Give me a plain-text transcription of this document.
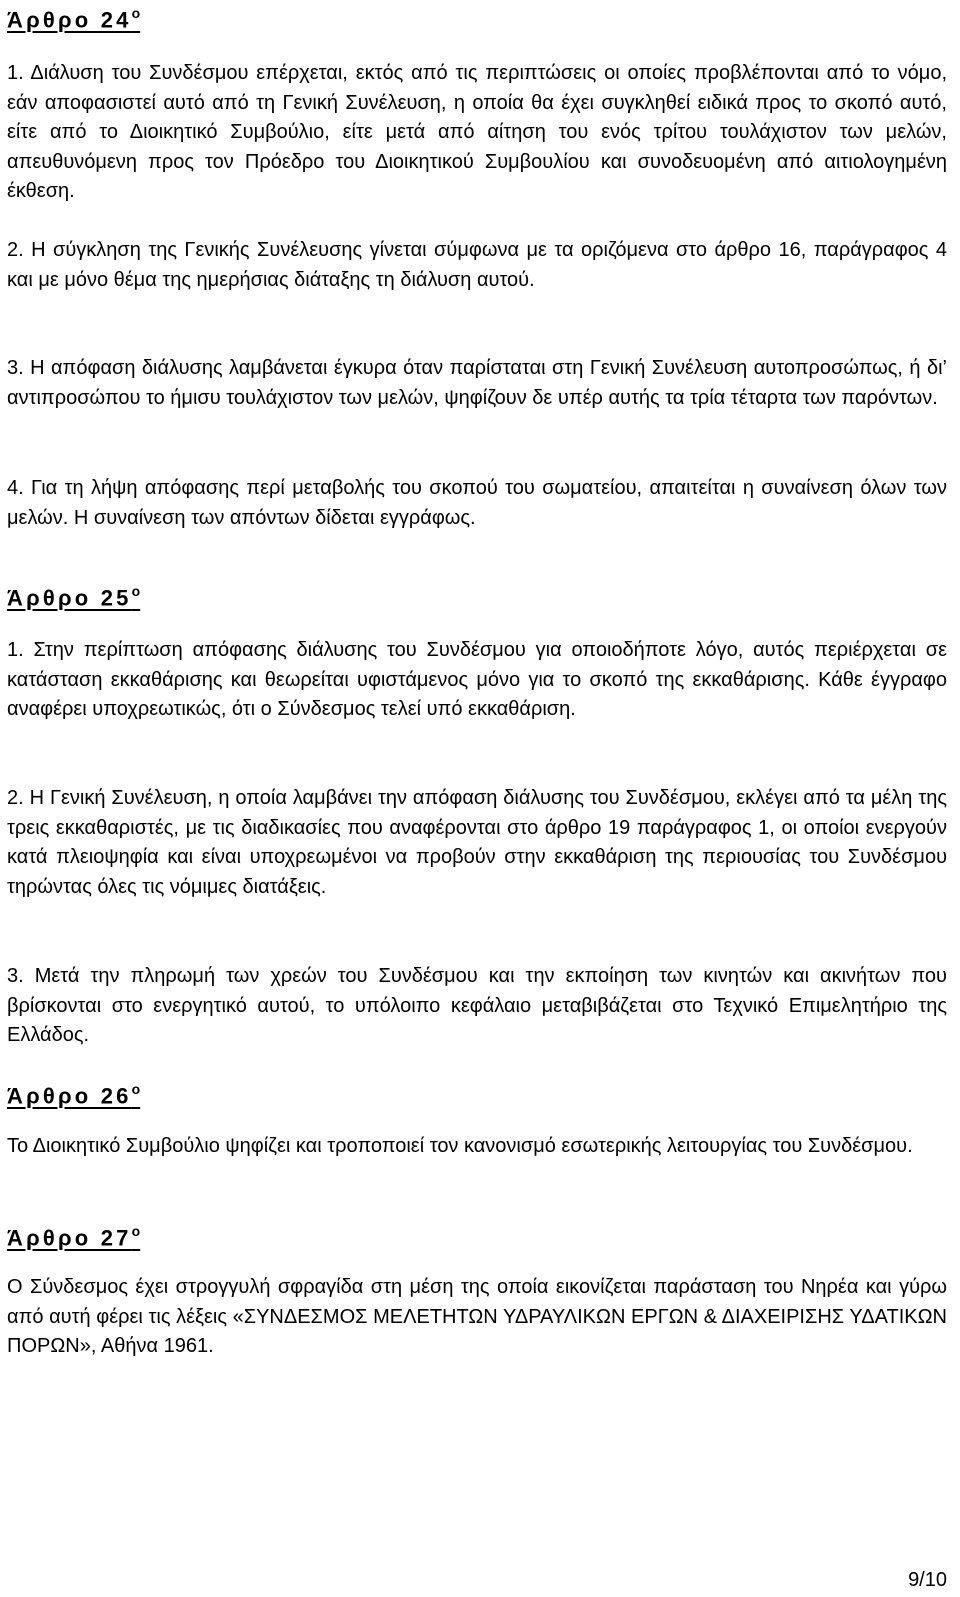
Άρθρο $24^o$

1. Διάλυση του Συνδέσμου επέρχεται, εκτός από τις περιπτώσεις οι οποίες προβλέπονται από το νόμο, εάν αποφασιστεί αυτό από τη Γενική Συνέλευση, η οποία θα έχει συγκληθεί ειδικά προς το σκοπό αυτό, είτε από το Διοικητικό Συμβούλιο, είτε μετά από αίτηση του ενός τρίτου τουλάχιστον των μελών, απευθυνόμενη προς τον Πρόεδρο του Διοικητικού Συμβουλίου και συνοδευομένη από αιτιολογημένη έκθεση.

2. Η σύγκληση της Γενικής Συνέλευσης γίνεται σύμφωνα με τα οριζόμενα στο άρθρο 16, παράγραφος 4 και με μόνο θέμα της ημερήσιας διάταξης τη διάλυση αυτού.

3. Η απόφαση διάλυσης λαμβάνεται έγκυρα όταν παρίσταται στη Γενική Συνέλευση αυτοπροσώπως, ή δι’ αντιπροσώπου το ήμισυ τουλάχιστον των μελών, ψηφίζουν δε υπέρ αυτής τα τρία τέταρτα των παρόντων.

4. Για τη λήψη απόφασης περί μεταβολής του σκοπού του σωματείου, απαιτείται η συναίνεση όλων των μελών. Η συναίνεση των απόντων δίδεται εγγράφως.

Άρθρο $25^o$

1. Στην περίπτωση απόφασης διάλυσης του Συνδέσμου για οποιοδήποτε λόγο, αυτός περιέρχεται σε κατάσταση εκκαθάρισης και θεωρείται υφιστάμενος μόνο για το σκοπό της εκκαθάρισης. Κάθε έγγραφο αναφέρει υποχρεωτικώς, ότι ο Σύνδεσμος τελεί υπό εκκαθάριση.

2. Η Γενική Συνέλευση, η οποία λαμβάνει την απόφαση διάλυσης του Συνδέσμου, εκλέγει από τα μέλη της τρεις εκκαθαριστές, με τις διαδικασίες που αναφέρονται στο άρθρο 19 παράγραφος 1, οι οποίοι ενεργούν κατά πλειοψηφία και είναι υποχρεωμένοι να προβούν στην εκκαθάριση της περιουσίας του Συνδέσμου τηρώντας όλες τις νόμιμες διατάξεις.

3. Μετά την πληρωμή των χρεών του Συνδέσμου και την εκποίηση των κινητών και ακινήτων που βρίσκονται στο ενεργητικό αυτού, το υπόλοιπο κεφάλαιο μεταβιβάζεται στο Τεχνικό Επιμελητήριο της Ελλάδος.

Άρθρο $26^o$

Το Διοικητικό Συμβούλιο ψηφίζει και τροποποιεί τον κανονισμό εσωτερικής λειτουργίας του Συνδέσμου.

Άρθρο $27^o$

Ο Σύνδεσμος έχει στρογγυλή σφραγίδα στη μέση της οποία εικονίζεται παράσταση του Νηρέα και γύρω από αυτή φέρει τις λέξεις «ΣΥΝΔΕΣΜΟΣ ΜΕΛΕΤΗΤΩΝ ΥΔΡΑΥΛΙΚΩΝ ΕΡΓΩΝ & ΔΙΑΧΕΙΡΙΣΗΣ ΥΔΑΤΙΚΩΝ ΠΟΡΩΝ», Αθήνα 1961.

9/10
